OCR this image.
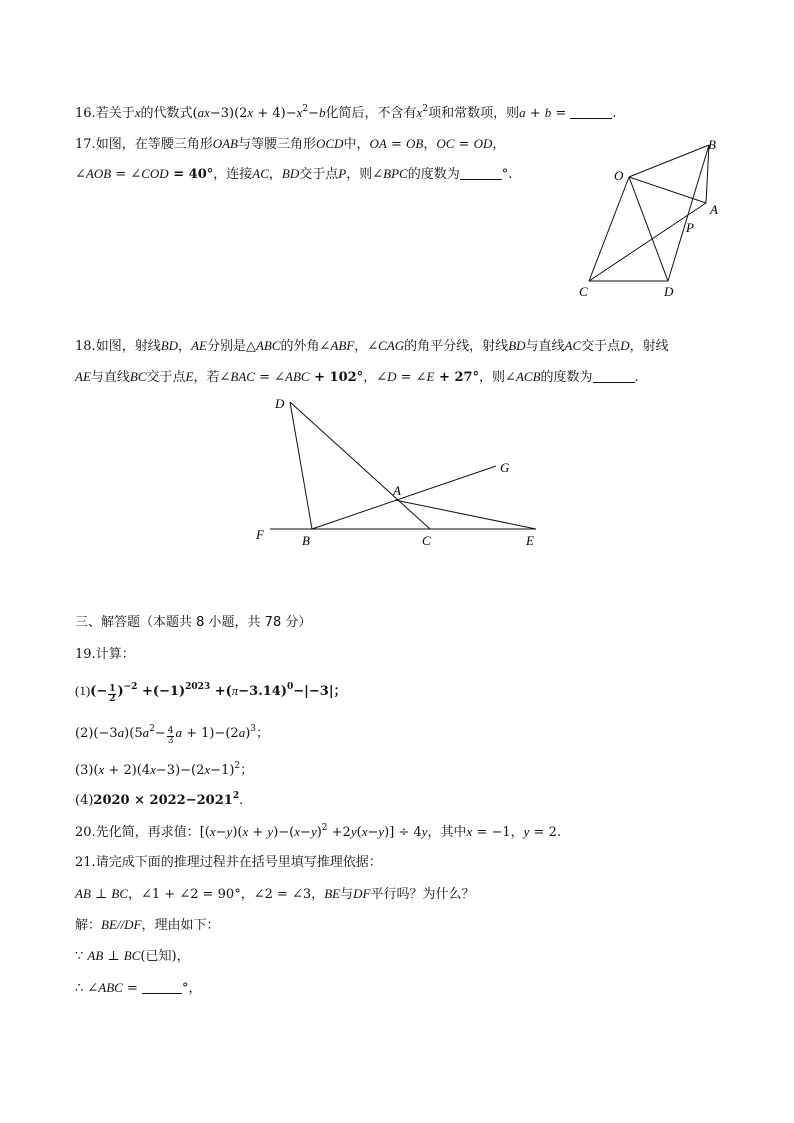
16.若关于x的代数式$(ax-3)(2x + 4)-x^2-b$化简后，不含有$x^2$项和常数项，则a + b =	.
17.如图，在等腰三角形OAB与等腰三角形OCD中，OA = OB，OC = OD，
∠AOB = ∠COD = 40°，连接AC，BD交于点P，则∠BPC的度数为	°.	O
B
A
P
C	D
18.如图，射线BD，AE分别是△ABC的外角∠ABF，∠CAG的角平分线，射线BD与直线AC交于点D，射线
AE与直线BC交于点E，若∠BAC = ∠ABC + 102°，∠D = ∠E + 27°，则∠ACB的度数为	.
D
G
A
F	B	C	E
三、解答题（本题共 8 小题，共 78 分）
19.计算：
$(1)(- \frac{1}{2} )^{-2} +(-1)^{2023} +(\pi-3.14)^0-|-3|$；
$(2)(-3a)(5a^2- \frac{4}{3}$ $a + 1)-(2a)^3$；
$(3)(x + 2)(4x-3)-(2x-1)^2$；
$(4)2020 \times 2022-2021^2$.
20.先化简，再求值：$[(x-y)(x + y)-(x-y)^2 +2y(x-y)] \div 4y$，其中x = −1，y = 2.
21.请完成下面的推理过程并在括号里填写推理依据：
AB ⊥ BC，∠1 + ∠2 = 90°，∠2 = ∠3，BE与DF平行吗？为什么？
解：BE//DF，理由如下：
∵ AB ⊥ BC(已知)，
∴ ∠ABC =	°，
